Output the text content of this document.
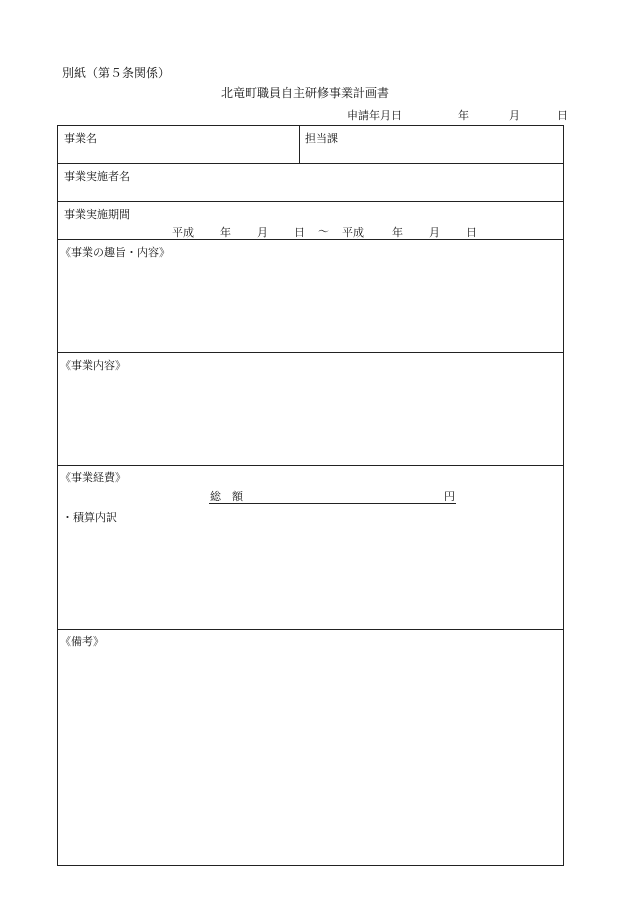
別紙（第５条関係）
北竜町職員自主研修事業計画書
申請年月日	年	月	日
事業名	担当課
事業実施者名
事業実施期間
平成 年 月 日 ～ 平成	年 月 日
《事業の趣旨・内容》
《事業内容》
《事業経費》
総　額	円
・積算内訳
《備考》
